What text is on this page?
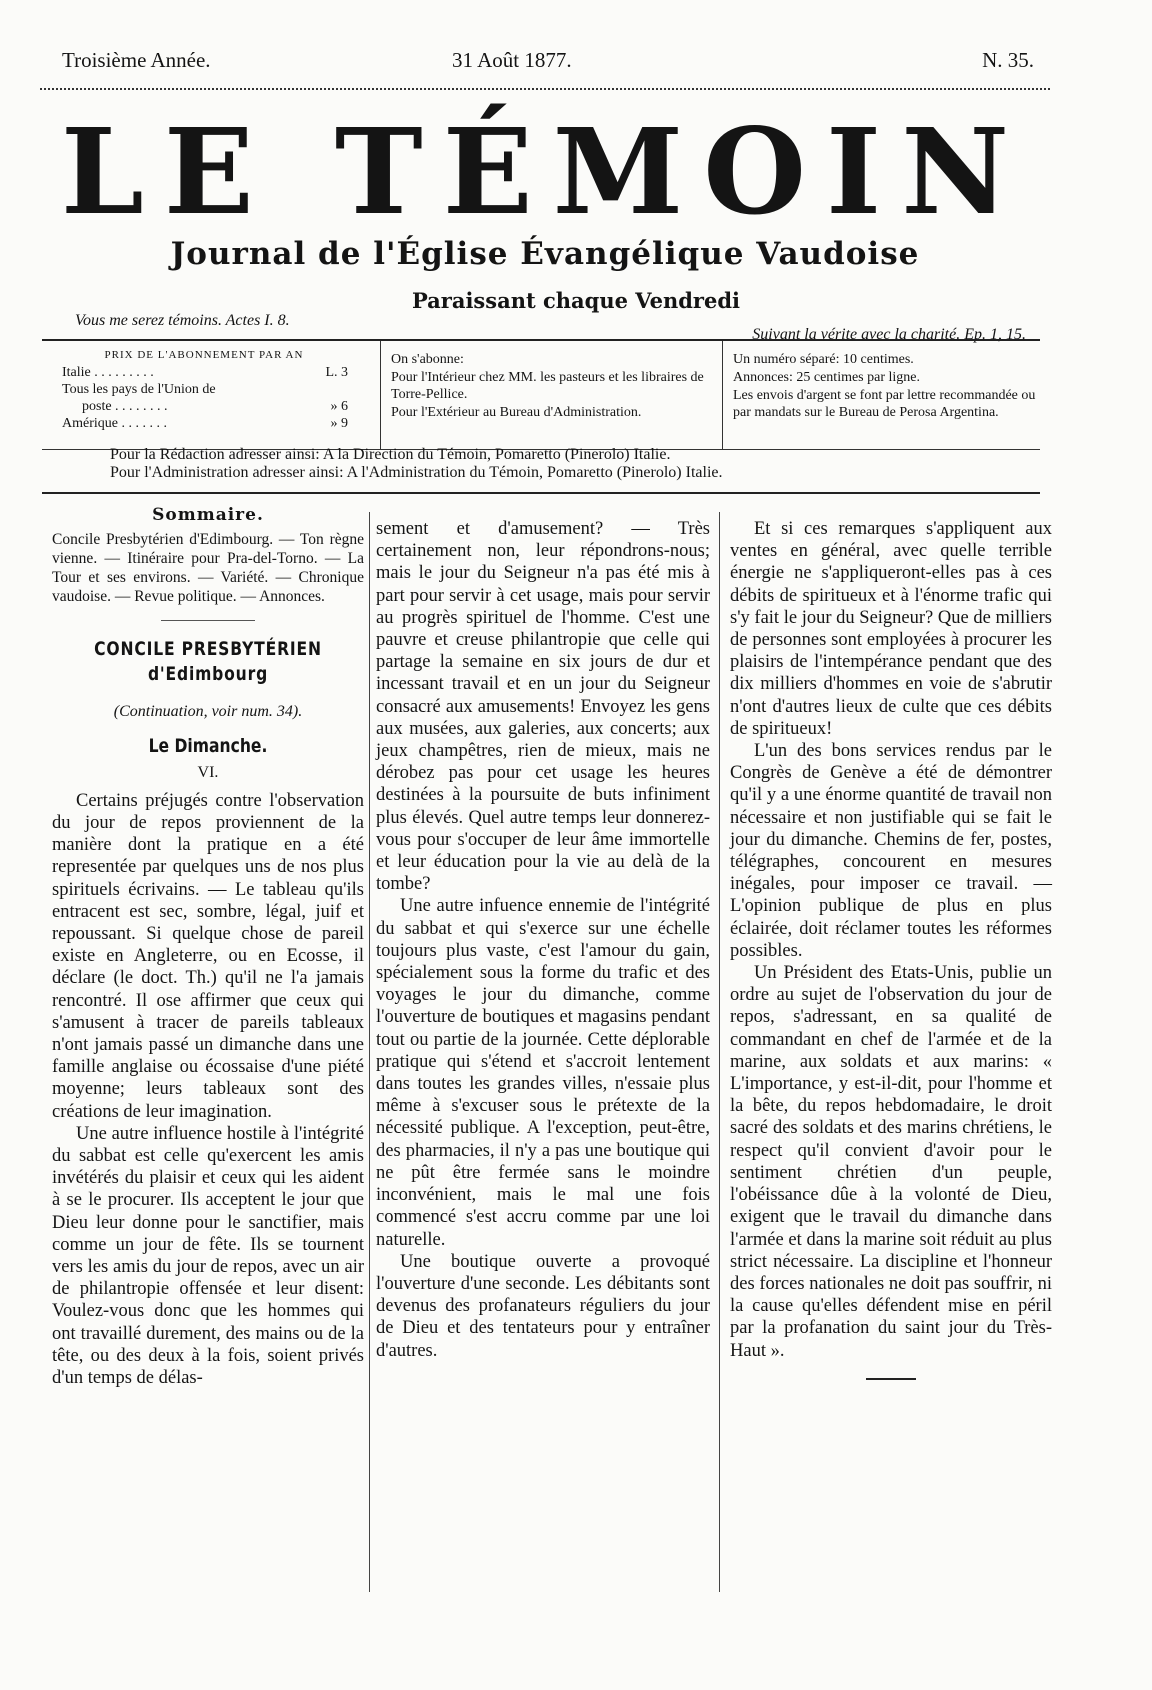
Troisième Année.	31 Août 1877.	N. 35.
LE TÉMOIN
Journal de l'Église Évangélique Vaudoise
Paraissant chaque Vendredi
Vous me serez témoins. Actes I. 8.
Suivant la vérite avec la charité. Ep. 1, 15.
PRIX DE L'ABONNEMENT PAR AN
Italie . . . . . . . . .	L. 3
Tous les pays de l'Union de
poste . . . . . . . .	» 6
Amérique . . . . . . .	» 9

On s'abonne:

Pour l'Intérieur chez MM. les pasteurs et les libraires de Torre-Pellice.

Pour l'Extérieur au Bureau d'Administration.

Un numéro séparé: 10 centimes.

Annonces: 25 centimes par ligne.

Les envois d'argent se font par lettre recommandée ou par mandats sur le Bureau de Perosa Argentina.

Pour la Rédaction adresser ainsi: A la Direction du Témoin, Pomaretto (Pinerolo) Italie.
Pour l'Administration adresser ainsi: A l'Administration du Témoin, Pomaretto (Pinerolo) Italie.
Sommaire.
Concile Presbytérien d'Edimbourg. — Ton règne vienne. — Itinéraire pour Pra-del-Torno. — La Tour et ses environs. — Variété. — Chronique vaudoise. — Revue politique. — Annonces.
CONCILE PRESBYTÉRIEN
d'Edimbourg
(Continuation, voir num. 34).
Le Dimanche.
VI.

Certains préjugés contre l'observation du jour de repos proviennent de la manière dont la pratique en a été representée par quelques uns de nos plus spirituels écrivains. — Le tableau qu'ils entracent est sec, sombre, légal, juif et repoussant. Si quelque chose de pareil existe en Angleterre, ou en Ecosse, il déclare (le doct. Th.) qu'il ne l'a jamais rencontré. Il ose affirmer que ceux qui s'amusent à tracer de pareils tableaux n'ont jamais passé un dimanche dans une famille anglaise ou écossaise d'une piété moyenne; leurs tableaux sont des créations de leur imagination.

Une autre influence hostile à l'intégrité du sabbat est celle qu'exercent les amis invétérés du plaisir et ceux qui les aident à se le procurer. Ils acceptent le jour que Dieu leur donne pour le sanctifier, mais comme un jour de fête. Ils se tournent vers les amis du jour de repos, avec un air de philantropie offensée et leur disent: Voulez-vous donc que les hommes qui ont travaillé durement, des mains ou de la tête, ou des deux à la fois, soient privés d'un temps de délas-

sement et d'amusement? — Très certainement non, leur répondrons-nous; mais le jour du Seigneur n'a pas été mis à part pour servir à cet usage, mais pour servir au progrès spirituel de l'homme. C'est une pauvre et creuse philantropie que celle qui partage la semaine en six jours de dur et incessant travail et en un jour du Seigneur consacré aux amusements! Envoyez les gens aux musées, aux galeries, aux concerts; aux jeux champêtres, rien de mieux, mais ne dérobez pas pour cet usage les heures destinées à la poursuite de buts infiniment plus élevés. Quel autre temps leur donnerez-vous pour s'occuper de leur âme immortelle et leur éducation pour la vie au delà de la tombe?

Une autre infuence ennemie de l'intégrité du sabbat et qui s'exerce sur une échelle toujours plus vaste, c'est l'amour du gain, spécialement sous la forme du trafic et des voyages le jour du dimanche, comme l'ouverture de boutiques et magasins pendant tout ou partie de la journée. Cette déplorable pratique qui s'étend et s'accroit lentement dans toutes les grandes villes, n'essaie plus même à s'excuser sous le prétexte de la nécessité publique. A l'exception, peut-être, des pharmacies, il n'y a pas une boutique qui ne pût être fermée sans le moindre inconvénient, mais le mal une fois commencé s'est accru comme par une loi naturelle.

Une boutique ouverte a provoqué l'ouverture d'une seconde. Les débitants sont devenus des profanateurs réguliers du jour de Dieu et des tentateurs pour y entraîner d'autres.

Et si ces remarques s'appliquent aux ventes en général, avec quelle terrible énergie ne s'appliqueront-elles pas à ces débits de spiritueux et à l'énorme trafic qui s'y fait le jour du Seigneur? Que de milliers de personnes sont employées à procurer les plaisirs de l'intempérance pendant que des dix milliers d'hommes en voie de s'abrutir n'ont d'autres lieux de culte que ces débits de spiritueux!

L'un des bons services rendus par le Congrès de Genève a été de démontrer qu'il y a une énorme quantité de travail non nécessaire et non justifiable qui se fait le jour du dimanche. Chemins de fer, postes, télégraphes, concourent en mesures inégales, pour imposer ce travail. — L'opinion publique de plus en plus éclairée, doit réclamer toutes les réformes possibles.

Un Président des Etats-Unis, publie un ordre au sujet de l'observation du jour de repos, s'adressant, en sa qualité de commandant en chef de l'armée et de la marine, aux soldats et aux marins: « L'importance, y est-il-dit, pour l'homme et la bête, du repos hebdomadaire, le droit sacré des soldats et des marins chrétiens, le respect qu'il convient d'avoir pour le sentiment chrétien d'un peuple, l'obéissance dûe à la volonté de Dieu, exigent que le travail du dimanche dans l'armée et dans la marine soit réduit au plus strict nécessaire. La discipline et l'honneur des forces nationales ne doit pas souffrir, ni la cause qu'elles défendent mise en péril par la profanation du saint jour du Très-Haut ».
